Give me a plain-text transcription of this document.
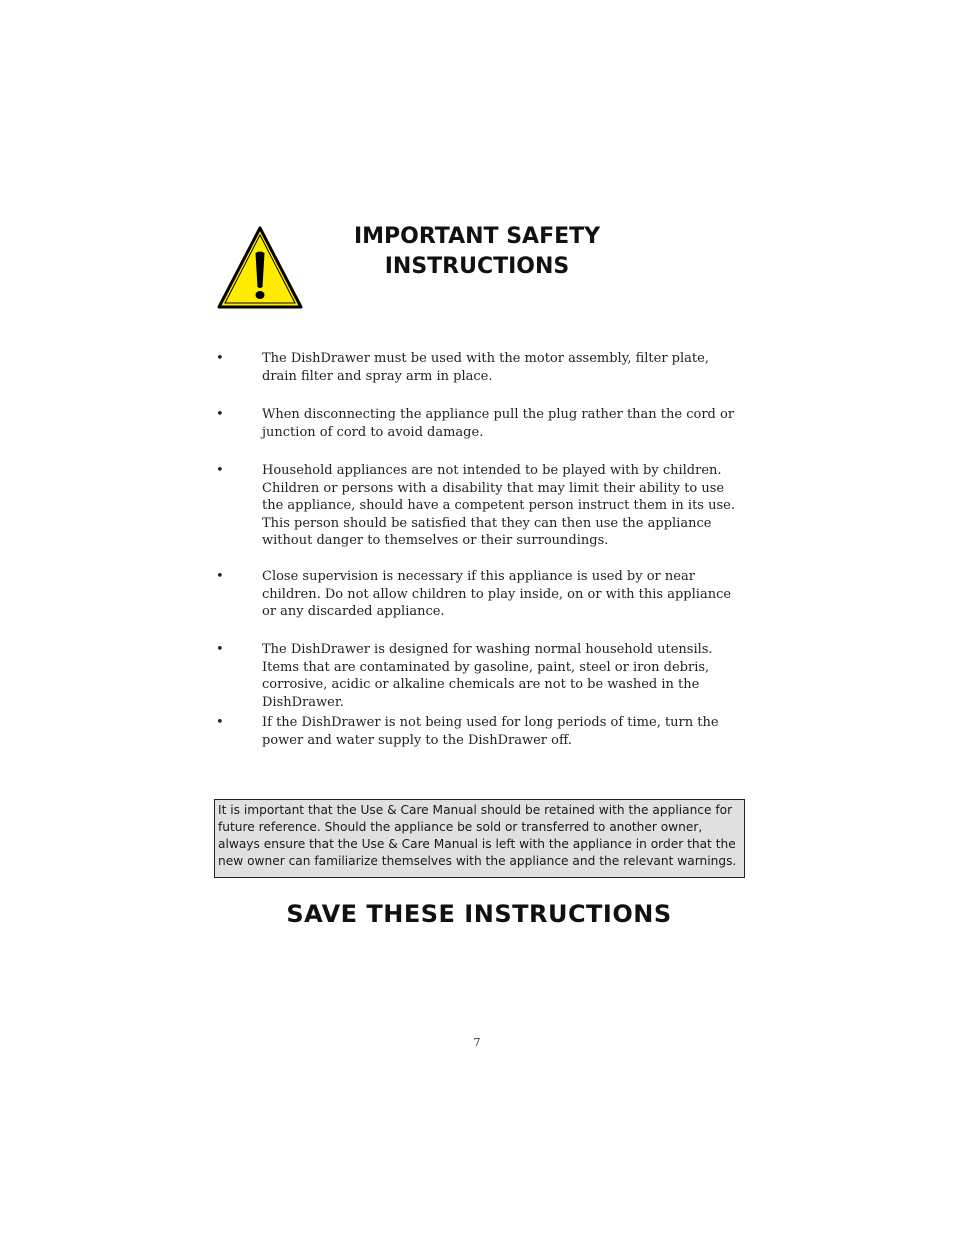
IMPORTANT SAFETY
INSTRUCTIONS
•	The DishDrawer must be used with the motor assembly, filter plate, drain filter and spray arm in place.
•	When disconnecting the appliance pull the plug rather than the cord or junction of cord to avoid damage.
•	Household appliances are not intended to be played with by children. Children or persons with a disability that may limit their ability to use the appliance, should have a competent person instruct them in its use. This person should be satisfied that they can then use the appliance without danger to themselves or their surroundings.
•	Close supervision is necessary if this appliance is used by or near children. Do not allow children to play inside, on or with this appliance or any discarded appliance.
•	The DishDrawer is designed for washing normal household utensils. Items that are contaminated by gasoline, paint, steel or iron debris, corrosive, acidic or alkaline chemicals are not to be washed in the DishDrawer.
•	If the DishDrawer is not being used for long periods of time, turn the power and water supply to the DishDrawer off.
It is important that the Use & Care Manual should be retained with the appliance for future reference. Should the appliance be sold or transferred to another owner, always ensure that the Use & Care Manual is left with the appliance in order that the new owner can familiarize themselves with the appliance and the relevant warnings.
SAVE THESE INSTRUCTIONS
7
